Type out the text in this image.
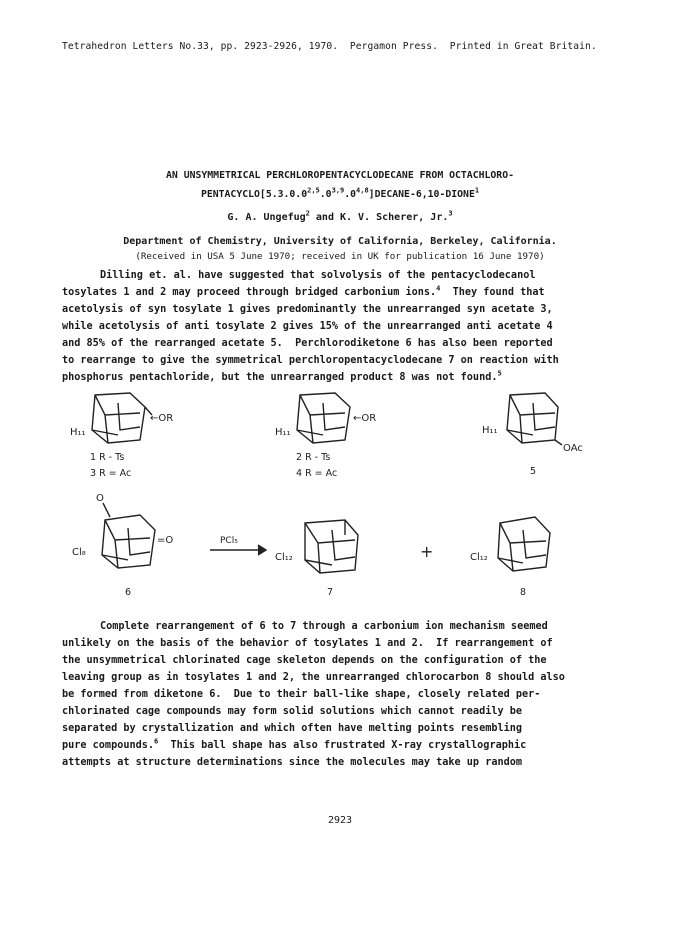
Tetrahedron Letters No.33, pp. 2923-2926, 1970.  Pergamon Press.  Printed in Great Britain.
AN UNSYMMETRICAL PERCHLOROPENTACYCLODECANE FROM OCTACHLORO-
PENTACYCLO[5.3.0.0$^{2,5}$.0$^{3,9}$.0$^{4,8}$]DECANE-6,10-DIONE$^1$
G. A. Ungefug$^2$ and K. V. Scherer, Jr.$^3$
Department of Chemistry, University of California, Berkeley, California.
(Received in USA 5 June 1970; received in UK for publication 16 June 1970)
Dilling et. al. have suggested that solvolysis of the pentacyclodecanol
tosylates 1 and 2 may proceed through bridged carbonium ions.$^4$  They found that
acetolysis of syn tosylate 1 gives predominantly the unrearranged syn acetate 3,
while acetolysis of anti tosylate 2 gives 15% of the unrearranged anti acetate 4
and 85% of the rearranged acetate 5.  Perchlorodiketone 6 has also been reported
to rearrange to give the symmetrical perchloropentacyclodecane 7 on reaction with
phosphorus pentachloride, but the unrearranged product 8 was not found.$^5$
H₁₁
←OR
H₁₁
←OR
H₁₁
OAc
1 R - Ts
3 R = Ac
2 R - Ts
4 R = Ac	5
O
Cl₈
=O	PCl₅
Cl₁₂	+	Cl₁₂
6	7	8
Complete rearrangement of 6 to 7 through a carbonium ion mechanism seemed
unlikely on the basis of the behavior of tosylates 1 and 2.  If rearrangement of
the unsymmetrical chlorinated cage skeleton depends on the configuration of the
leaving group as in tosylates 1 and 2, the unrearranged chlorocarbon 8 should also
be formed from diketone 6.  Due to their ball-like shape, closely related per-
chlorinated cage compounds may form solid solutions which cannot readily be
separated by crystallization and which often have melting points resembling
pure compounds.$^6$  This ball shape has also frustrated X-ray crystallographic
attempts at structure determinations since the molecules may take up random
2923
